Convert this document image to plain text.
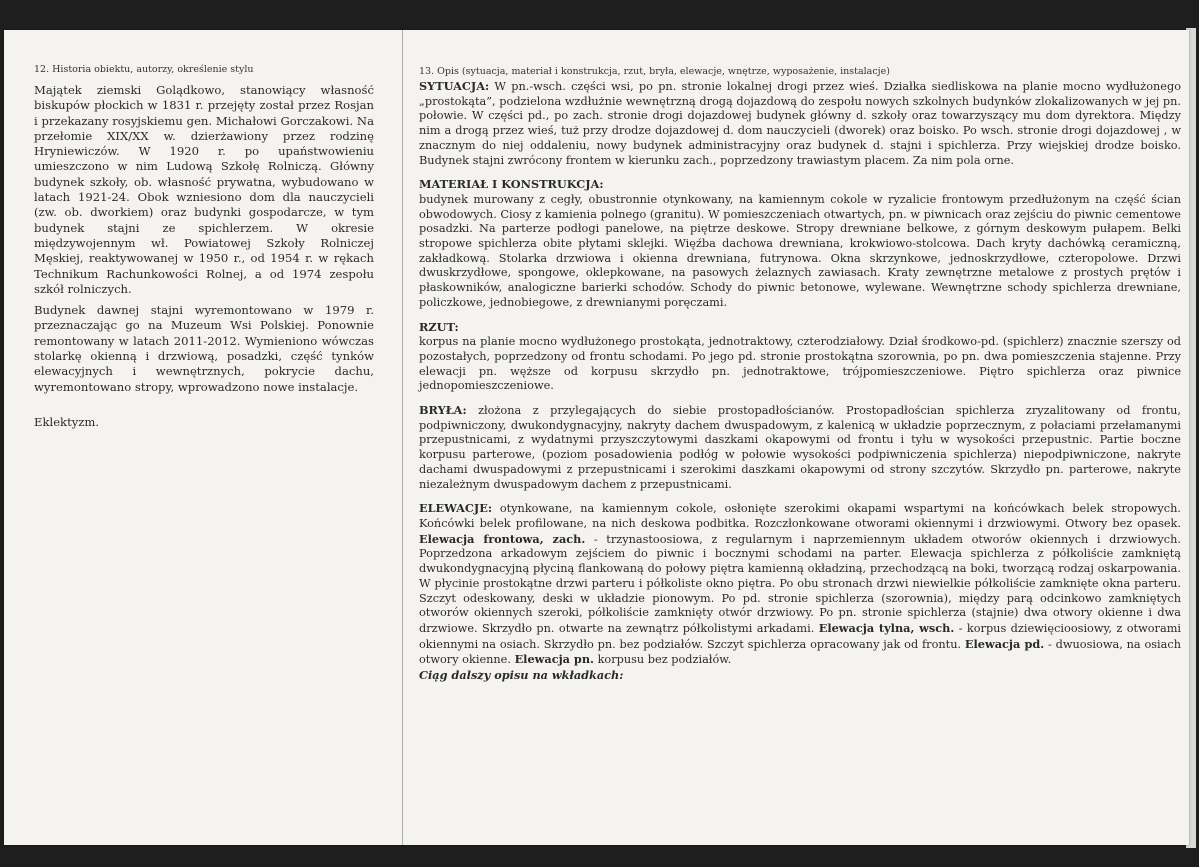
12. Historia obiektu, autorzy, określenie stylu

Majątek ziemski Golądkowo, stanowiący własność biskupów płockich w 1831 r. przejęty został przez Rosjan i przekazany rosyjskiemu gen. Michałowi Gorczakowi. Na przełomie XIX/XX w. dzierżawiony przez rodzinę Hryniewiczów. W 1920 r. po upaństwowieniu umieszczono w nim Ludową Szkołę Rolniczą. Główny budynek szkoły, ob. własność prywatna, wybudowano w latach 1921-24. Obok wzniesiono dom dla nauczycieli (zw. ob. dworkiem) oraz budynki gospodarcze, w tym budynek stajni ze spichlerzem. W okresie międzywojennym wł. Powiatowej Szkoły Rolniczej Męskiej, reaktywowanej w 1950 r., od 1954 r. w rękach Technikum Rachunkowości Rolnej, a od 1974 zespołu szkół rolniczych.

Budynek dawnej stajni wyremontowano w 1979 r. przeznaczając go na Muzeum Wsi Polskiej. Ponownie remontowany w latach 2011-2012. Wymieniono wówczas stolarkę okienną i drzwiową, posadzki, część tynków elewacyjnych i wewnętrznych, pokrycie dachu, wyremontowano stropy, wprowadzono nowe instalacje.

Eklektyzm.

13. Opis (sytuacja, materiał i konstrukcja, rzut, bryła, elewacje, wnętrze, wyposażenie, instalacje)

SYTUACJA: W pn.-wsch. części wsi, po pn. stronie lokalnej drogi przez wieś. Działka siedliskowa na planie mocno wydłużonego „prostokąta”, podzielona wzdłużnie wewnętrzną drogą dojazdową do zespołu nowych szkolnych budynków zlokalizowanych w jej pn. połowie. W części pd., po zach. stronie drogi dojazdowej budynek główny d. szkoły oraz towarzyszący mu dom dyrektora. Między nim a drogą przez wieś, tuż przy drodze dojazdowej d. dom nauczycieli (dworek) oraz boisko. Po wsch. stronie drogi dojazdowej , w znacznym do niej oddaleniu, nowy budynek administracyjny oraz budynek d. stajni i spichlerza. Przy wiejskiej drodze boisko. Budynek stajni zwrócony frontem w kierunku zach., poprzedzony trawiastym placem. Za nim pola orne.

MATERIAŁ I KONSTRUKCJA:
budynek murowany z cegły, obustronnie otynkowany, na kamiennym cokole w ryzalicie frontowym przedłużonym na część ścian obwodowych. Ciosy z kamienia polnego (granitu). W pomieszczeniach otwartych, pn. w piwnicach oraz zejściu do piwnic cementowe posadzki. Na parterze podłogi panelowe, na piętrze deskowe. Stropy drewniane belkowe, z górnym deskowym pułapem. Belki stropowe spichlerza obite płytami sklejki. Więźba dachowa drewniana, krokwiowo-stolcowa. Dach kryty dachówką ceramiczną, zakładkową. Stolarka drzwiowa i okienna drewniana, futrynowa. Okna skrzynkowe, jednoskrzydłowe, czteropolowe. Drzwi dwuskrzydłowe, spongowe, oklepkowane, na pasowych żelaznych zawiasach. Kraty zewnętrzne metalowe z prostych prętów i płaskowników, analogiczne barierki schodów. Schody do piwnic betonowe, wylewane. Wewnętrzne schody spichlerza drewniane, policzkowe, jednobiegowe, z drewnianymi poręczami.

RZUT:
korpus na planie mocno wydłużonego prostokąta, jednotraktowy, czterodziałowy. Dział środkowo-pd. (spichlerz) znacznie szerszy od pozostałych, poprzedzony od frontu schodami. Po jego pd. stronie prostokątna szorownia, po pn. dwa pomieszczenia stajenne. Przy elewacji pn. węższe od korpusu skrzydło pn. jednotraktowe, trójpomieszczeniowe. Piętro spichlerza oraz piwnice jednopomieszczeniowe.

BRYŁA: złożona z przylegających do siebie prostopadłościanów. Prostopadłościan spichlerza zryzalitowany od frontu, podpiwniczony, dwukondygnacyjny, nakryty dachem dwuspadowym, z kalenicą w układzie poprzecznym, z połaciami przełamanymi przepustnicami, z wydatnymi przyszczytowymi daszkami okapowymi od frontu i tyłu w wysokości przepustnic. Partie boczne korpusu parterowe, (poziom posadowienia podłóg w połowie wysokości podpiwniczenia spichlerza) niepodpiwniczone, nakryte dachami dwuspadowymi z przepustnicami i szerokimi daszkami okapowymi od strony szczytów. Skrzydło pn. parterowe, nakryte niezależnym dwuspadowym dachem z przepustnicami.

ELEWACJE: otynkowane, na kamiennym cokole, osłonięte szerokimi okapami wspartymi na końcówkach belek stropowych. Końcówki belek profilowane, na nich deskowa podbitka. Rozczłonkowane otworami okiennymi i drzwiowymi. Otwory bez opasek. Elewacja frontowa, zach. - trzynastoosiowa, z regularnym i naprzemiennym układem otworów okiennych i drzwiowych. Poprzedzona arkadowym zejściem do piwnic i bocznymi schodami na parter. Elewacja spichlerza z półkoliście zamkniętą dwukondygnacyjną płyciną flankowaną do połowy piętra kamienną okładziną, przechodzącą na boki, tworzącą rodzaj oskarpowania. W płycinie prostokątne drzwi parteru i półkoliste okno piętra. Po obu stronach drzwi niewielkie półkoliście zamknięte okna parteru. Szczyt odeskowany, deski w układzie pionowym. Po pd. stronie spichlerza (szorownia), między parą odcinkowo zamkniętych otworów okiennych szeroki, półkoliście zamknięty otwór drzwiowy. Po pn. stronie spichlerza (stajnie) dwa otwory okienne i dwa drzwiowe. Skrzydło pn. otwarte na zewnątrz półkolistymi arkadami. Elewacja tylna, wsch. - korpus dziewięcioosiowy, z otworami okiennymi na osiach. Skrzydło pn. bez podziałów. Szczyt spichlerza opracowany jak od frontu. Elewacja pd. - dwuosiowa, na osiach otwory okienne. Elewacja pn. korpusu bez podziałów.

Ciąg dalszy opisu na wkładkach:
